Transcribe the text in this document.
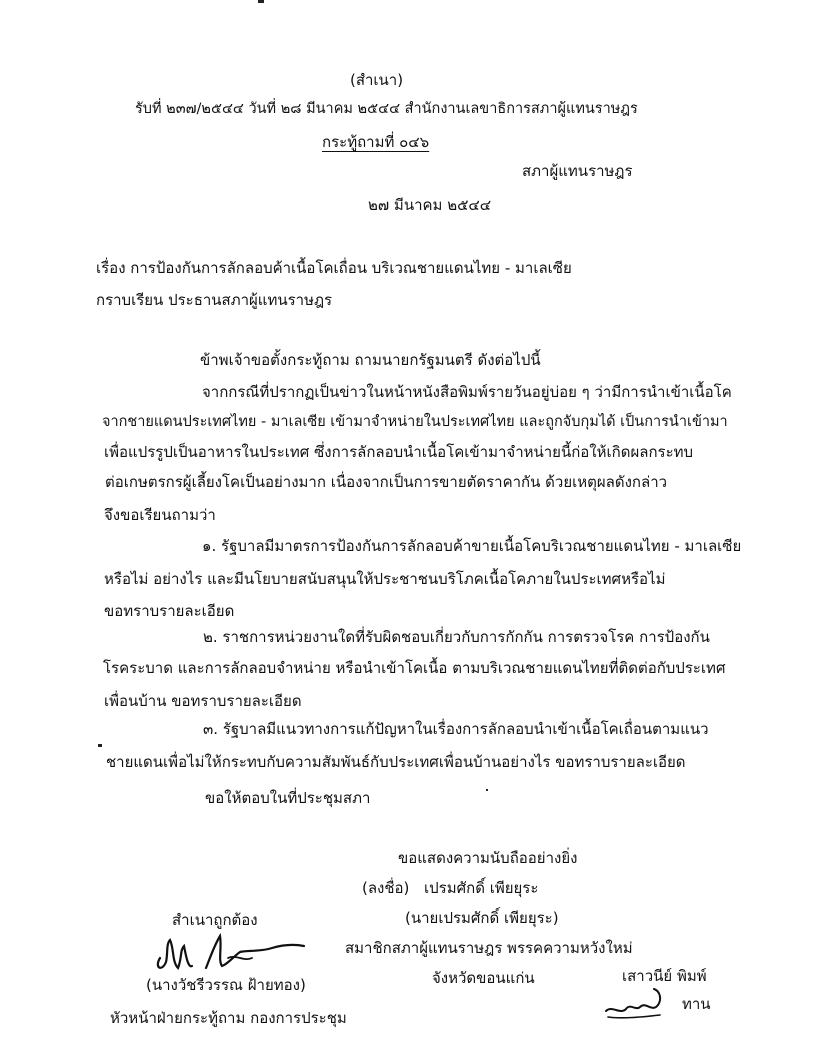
(สำเนา)
รับที่ ๒๓๗/๒๕๔๔ วันที่ ๒๘ มีนาคม ๒๕๔๔ สำนักงานเลขาธิการสภาผู้แทนราษฎร
กระทู้ถามที่ ๐๔๖
สภาผู้แทนราษฎร
๒๗ มีนาคม ๒๕๔๔
เรื่อง การป้องกันการลักลอบค้าเนื้อโคเถื่อน บริเวณชายแดนไทย - มาเลเซีย
กราบเรียน ประธานสภาผู้แทนราษฎร
ข้าพเจ้าขอตั้งกระทู้ถาม ถามนายกรัฐมนตรี ดังต่อไปนี้
จากกรณีที่ปรากฏเป็นข่าวในหน้าหนังสือพิมพ์รายวันอยู่บ่อย ๆ ว่ามีการนำเข้าเนื้อโค
จากชายแดนประเทศไทย - มาเลเซีย เข้ามาจำหน่ายในประเทศไทย และถูกจับกุมได้ เป็นการนำเข้ามา
เพื่อแปรรูปเป็นอาหารในประเทศ ซึ่งการลักลอบนำเนื้อโคเข้ามาจำหน่ายนี้ก่อให้เกิดผลกระทบ
ต่อเกษตรกรผู้เลี้ยงโคเป็นอย่างมาก เนื่องจากเป็นการขายตัดราคากัน ด้วยเหตุผลดังกล่าว
จึงขอเรียนถามว่า
๑. รัฐบาลมีมาตรการป้องกันการลักลอบค้าขายเนื้อโคบริเวณชายแดนไทย - มาเลเซีย
หรือไม่ อย่างไร และมีนโยบายสนับสนุนให้ประชาชนบริโภคเนื้อโคภายในประเทศหรือไม่
ขอทราบรายละเอียด
๒. ราชการหน่วยงานใดที่รับผิดชอบเกี่ยวกับการกักกัน การตรวจโรค การป้องกัน
โรคระบาด และการลักลอบจำหน่าย หรือนำเข้าโคเนื้อ ตามบริเวณชายแดนไทยที่ติดต่อกับประเทศ
เพื่อนบ้าน ขอทราบรายละเอียด
๓. รัฐบาลมีแนวทางการแก้ปัญหาในเรื่องการลักลอบนำเข้าเนื้อโคเถื่อนตามแนว
ชายแดนเพื่อไม่ให้กระทบกับความสัมพันธ์กับประเทศเพื่อนบ้านอย่างไร ขอทราบรายละเอียด
ขอให้ตอบในที่ประชุมสภา
ขอแสดงความนับถืออย่างยิ่ง
(ลงชื่อ) เปรมศักดิ์ เพียยุระ
(นายเปรมศักดิ์ เพียยุระ)
สมาชิกสภาผู้แทนราษฎร พรรคความหวังใหม่
จังหวัดขอนแก่น
สำเนาถูกต้อง
(นางวัชรีวรรณ ฝ้ายทอง)
หัวหน้าฝ่ายกระทู้ถาม กองการประชุม
เสาวนีย์ พิมพ์
ทาน
